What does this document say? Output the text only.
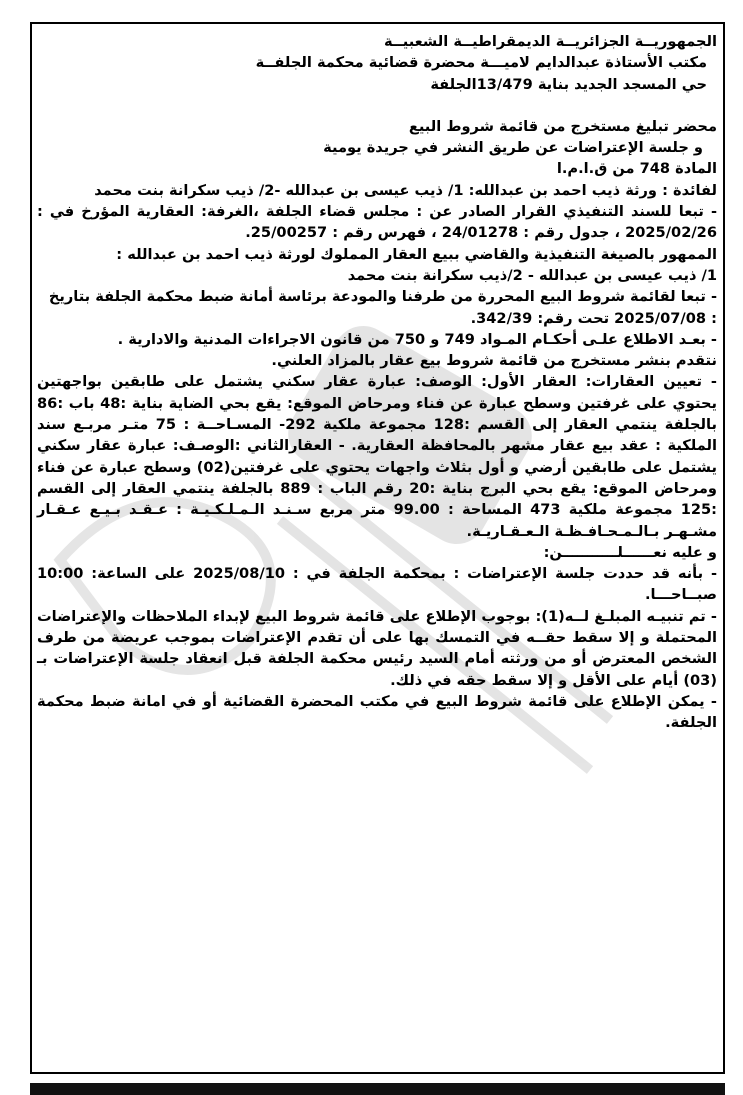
الجمهوريــة الجزائريــة الديمقراطيــة الشعبيــة

مكتب الأستاذة عبدالدايم لاميـــة محضرة قضائية محكمة الجلفــة

حي المسجد الجديد بناية 13/479الجلفة

محضر تبليغ مستخرج من قائمة شروط البيع

و جلسة الإعتراضات عن طريق النشر في جريدة يومية

المادة 748 من ق.ا.م.ا

لفائدة : ورثة ذيب احمد بن عبدالله: 1/ ذيب عيسى بن عبدالله -2/ ذيب سكرانة بنت محمد

- تبعا للسند التنفيذي القرار الصادر عن : مجلس قضاء الجلفة ،الغرفة: العقارية المؤرخ في : 2025/02/26 ، جدول رقم : 24/01278 ، فهرس رقم : 25/00257.

الممهور بالصيغة التنفيذية والقاضي ببيع العقار المملوك لورثة ذيب احمد بن عبدالله :

1/ ذيب عيسى بن عبدالله - 2/ذيب سكرانة بنت محمد

- تبعا لقائمة شروط البيع المحررة من طرفنا والمودعة برئاسة أمانة ضبط محكمة الجلفة بتاريخ

: 2025/07/08 تحت رقم: 342/39.

- بعـد الاطلاع علـى أحكـام المـواد 749 و 750 من قانون الاجراءات المدنية والادارية .

نتقدم بنشر مستخرج من قائمة شروط بيع عقار بالمزاد العلني.

- تعيين العقارات: العقار الأول: الوصف: عبارة عقار سكني يشتمل على طابقين بواجهتين يحتوي على غرفتين وسطح عبارة عن فناء ومرحاض الموقع: يقع بحي الضاية بناية :48 باب :86 بالجلفة ينتمي العقار إلى القسم :128 مجموعة ملكية 292- المسـاحــة : 75 متـر مربـع سند الملكية : عقد بيع عقار مشهر بالمحافظة العقارية. - العقارالثاني :الوصـف: عبارة عقار سكني يشتمل على طابقين أرضي و أول بثلاث واجهات يحتوي على غرفتين(02) وسطح عبارة عن فناء ومرحاض الموقع: يقع بحي البرج بناية :20 رقم الباب : 889 بالجلفة ينتمي العقار إلى القسم :125 مجموعة ملكية 473 المساحة : 99.00 متر مربع سـنـد الـمـلـكـيـة : عـقـد بـيـع عـقـار مشـهـر بـالـمـحـافـظـة الـعـقـاريـة.

و عليه نعــــــلـــــــــــن:

- بأنه قد حددت جلسة الإعتراضات : بمحكمة الجلفة في : 2025/08/10 على الساعة: 10:00 صبــاحـــا.

- تم تنبيـه المبلـغ لــه(1): بوجوب الإطلاع على قائمة شروط البيع لإبداء الملاحظات والإعتراضات المحتملة و إلا سقط حقــه في التمسك بها على أن تقدم الإعتراضات بموجب عريضة من طرف الشخص المعترض أو من ورثته أمام السيد رئيس محكمة الجلفة قبل انعقاد جلسة الإعتراضات بـ (03) أيام على الأقل و إلا سقط حقه في ذلك.

- يمكن الإطلاع على قائمة شروط البيع في مكتب المحضرة القضائية أو في امانة ضبط محكمة الجلفة.
